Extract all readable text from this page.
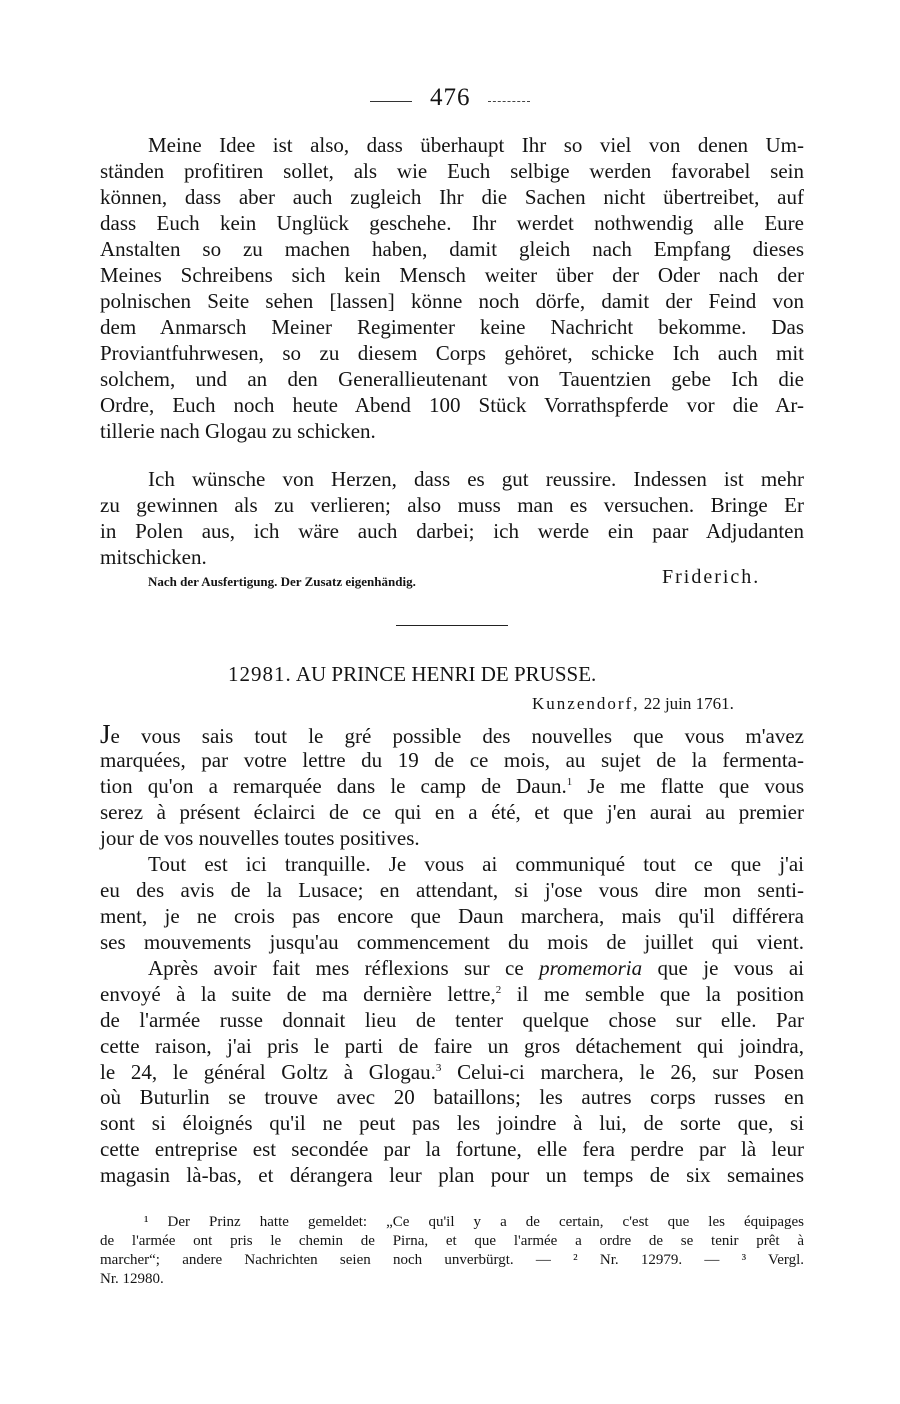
476
Meine Idee ist also, dass überhaupt Ihr so viel von denen Um-
ständen profitiren sollet, als wie Euch selbige werden favorabel sein
können, dass aber auch zugleich Ihr die Sachen nicht übertreibet, auf
dass Euch kein Unglück geschehe. Ihr werdet nothwendig alle Eure
Anstalten so zu machen haben, damit gleich nach Empfang dieses
Meines Schreibens sich kein Mensch weiter über der Oder nach der
polnischen Seite sehen [lassen] könne noch dörfe, damit der Feind von
dem Anmarsch Meiner Regimenter keine Nachricht bekomme. Das
Proviantfuhrwesen, so zu diesem Corps gehöret, schicke Ich auch mit
solchem, und an den Generallieutenant von Tauentzien gebe Ich die
Ordre, Euch noch heute Abend 100 Stück Vorrathspferde vor die Ar-
tillerie nach Glogau zu schicken.
Ich wünsche von Herzen, dass es gut reussire. Indessen ist mehr
zu gewinnen als zu verlieren; also muss man es versuchen. Bringe Er
in Polen aus, ich wäre auch darbei; ich werde ein paar Adjudanten
mitschicken.
Nach der Ausfertigung. Der Zusatz eigenhändig.	Friderich.
12981. AU PRINCE HENRI DE PRUSSE.
Kunzendorf, 22 juin 1761.
Je vous sais tout le gré possible des nouvelles que vous m'avez
marquées, par votre lettre du 19 de ce mois, au sujet de la fermenta-
tion qu'on a remarquée dans le camp de Daun.$^1$ Je me flatte que vous
serez à présent éclairci de ce qui en a été, et que j'en aurai au premier
jour de vos nouvelles toutes positives.
Tout est ici tranquille. Je vous ai communiqué tout ce que j'ai
eu des avis de la Lusace; en attendant, si j'ose vous dire mon senti-
ment, je ne crois pas encore que Daun marchera, mais qu'il différera
ses mouvements jusqu'au commencement du mois de juillet qui vient.
Après avoir fait mes réflexions sur ce promemoria que je vous ai
envoyé à la suite de ma dernière lettre,$^2$ il me semble que la position
de l'armée russe donnait lieu de tenter quelque chose sur elle. Par
cette raison, j'ai pris le parti de faire un gros détachement qui joindra,
le 24, le général Goltz à Glogau.$^3$ Celui-ci marchera, le 26, sur Posen
où Buturlin se trouve avec 20 bataillons; les autres corps russes en
sont si éloignés qu'il ne peut pas les joindre à lui, de sorte que, si
cette entreprise est secondée par la fortune, elle fera perdre par là leur
magasin là-bas, et dérangera leur plan pour un temps de six semaines
¹ Der Prinz hatte gemeldet: „Ce qu'il y a de certain, c'est que les équipages
de l'armée ont pris le chemin de Pirna, et que l'armée a ordre de se tenir prêt à
marcher“; andere Nachrichten seien noch unverbürgt. — ² Nr. 12979. — ³ Vergl.
Nr. 12980.
